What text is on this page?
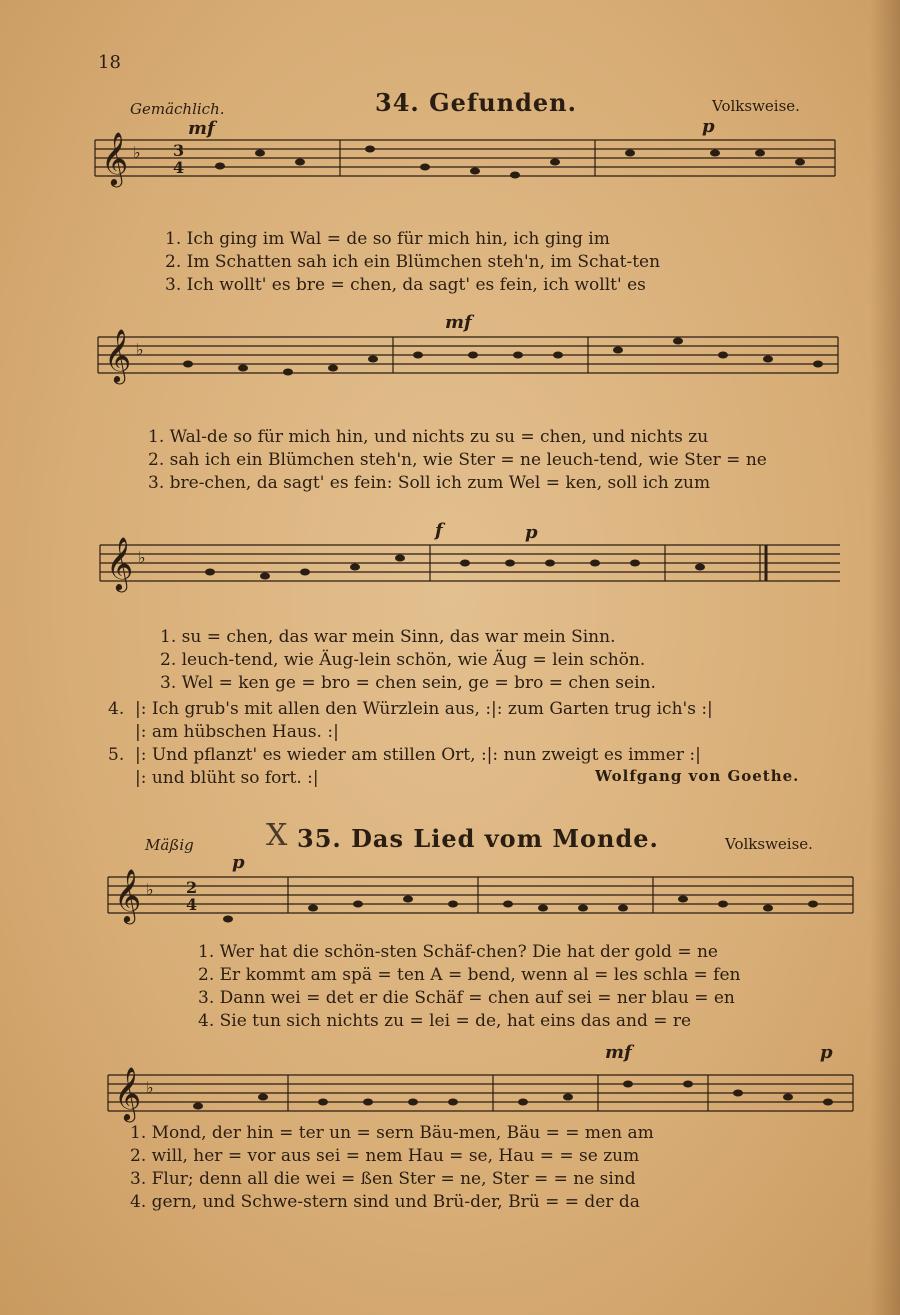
18
Gemächlich.	34. Gefunden.	Volksweise.
mf	p
𝄞 ♭ 3
4
1. Ich ging im Wal = de so für mich hin, ich ging im
2. Im Schatten sah ich ein Blümchen steh'n, im Schat-ten
3. Ich wollt' es bre = chen, da sagt' es fein, ich wollt' es
mf
𝄞 ♭
1. Wal-de so für mich hin, und nichts zu su = chen, und nichts zu
2. sah ich ein Blümchen steh'n, wie Ster = ne leuch-tend, wie Ster = ne
3. bre-chen, da sagt' es fein: Soll ich zum Wel = ken, soll ich zum
f	p
𝄞 ♭
1. su = chen, das war mein Sinn, das war mein Sinn.
2. leuch-tend, wie Äug-lein schön, wie Äug = lein schön.
3. Wel = ken ge = bro = chen sein, ge = bro = chen sein.
4. |: Ich grub's mit allen den Würzlein aus, :|: zum Garten trug ich's :|
|: am hübschen Haus. :|
5. |: Und pflanzt' es wieder am stillen Ort, :|: nun zweigt es immer :|
|: und blüht so fort. :|	Wolfgang von Goethe.
Mäßig X 35. Das Lied vom Monde.	Volksweise.
p
𝄞 ♭ 2
4
1. Wer hat die schön-sten Schäf-chen? Die hat der gold = ne
2. Er kommt am spä = ten A = bend, wenn al = les schla = fen
3. Dann wei = det er die Schäf = chen auf sei = ner blau = en
4. Sie tun sich nichts zu = lei = de, hat eins das and = re
mf	p
𝄞 ♭
1. Mond, der hin = ter un = sern Bäu-men, Bäu = = men am
2. will, her = vor aus sei = nem Hau = se, Hau = = se zum
3. Flur; denn all die wei = ßen Ster = ne, Ster = = ne sind
4. gern, und Schwe-stern sind und Brü-der, Brü = = der da
